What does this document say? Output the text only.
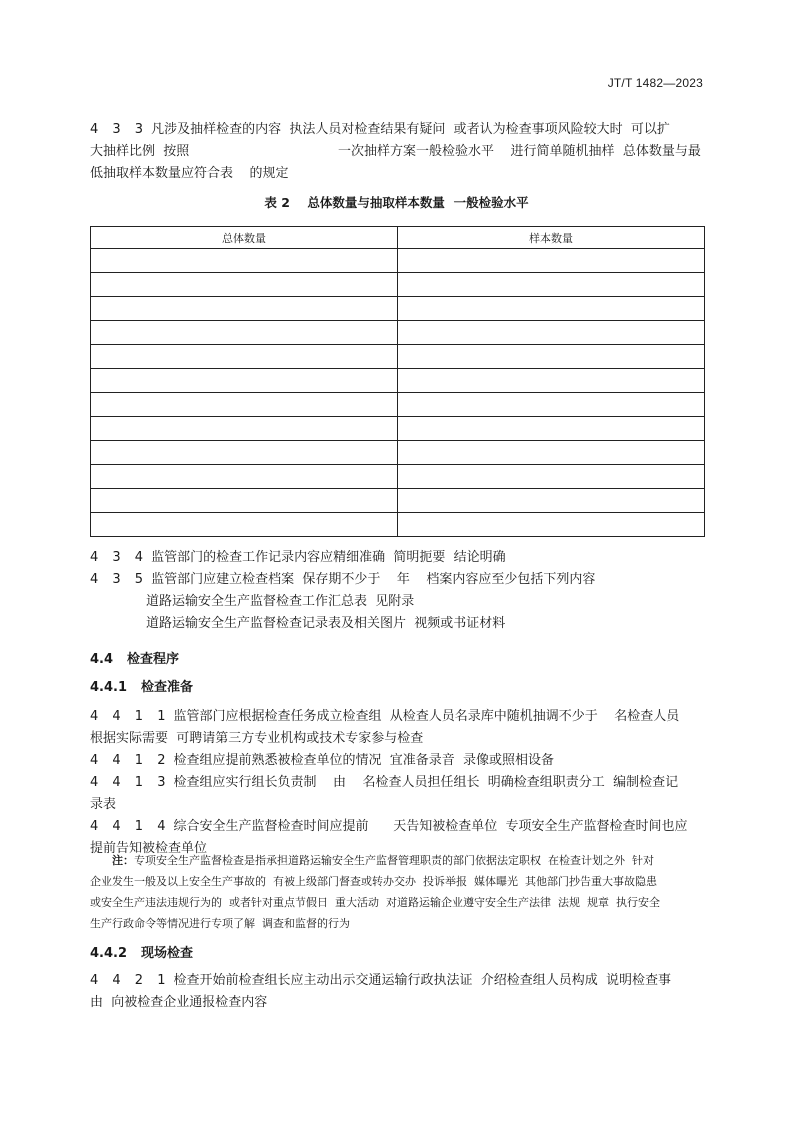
JT/T 1482—2023
4 3 3 凡涉及抽样检查的内容  执法人员对检查结果有疑问  或者认为检查事项风险较大时  可以扩
大抽样比例  按照                                    一次抽样方案一般检验水平    进行简单随机抽样  总体数量与最
低抽取样本数量应符合表    的规定
表 2    总体数量与抽取样本数量  一般检验水平
总体数量	样本数量

4 3 4 监管部门的检查工作记录内容应精细准确  简明扼要  结论明确
4 3 5 监管部门应建立检查档案  保存期不少于    年    档案内容应至少包括下列内容
道路运输安全生产监督检查工作汇总表  见附录
道路运输安全生产监督检查记录表及相关图片  视频或书证材料
4.4 检查程序
4.4.1 检查准备
4 4 1 1 监管部门应根据检查任务成立检查组  从检查人员名录库中随机抽调不少于    名检查人员
根据实际需要  可聘请第三方专业机构或技术专家参与检查
4 4 1 2 检查组应提前熟悉被检查单位的情况  宜准备录音  录像或照相设备
4 4 1 3 检查组应实行组长负责制    由    名检查人员担任组长  明确检查组职责分工  编制检查记
录表
4 4 1 4 综合安全生产监督检查时间应提前      天告知被检查单位  专项安全生产监督检查时间也应
提前告知被检查单位
注：专项安全生产监督检查是指承担道路运输安全生产监督管理职责的部门依据法定职权  在检查计划之外  针对
企业发生一般及以上安全生产事故的  有被上级部门督查或转办交办  投诉举报  媒体曝光  其他部门抄告重大事故隐患
或安全生产违法违规行为的  或者针对重点节假日  重大活动  对道路运输企业遵守安全生产法律  法规  规章  执行安全
生产行政命令等情况进行专项了解  调查和监督的行为
4.4.2 现场检查
4 4 2 1 检查开始前检查组长应主动出示交通运输行政执法证  介绍检查组人员构成  说明检查事
由  向被检查企业通报检查内容
